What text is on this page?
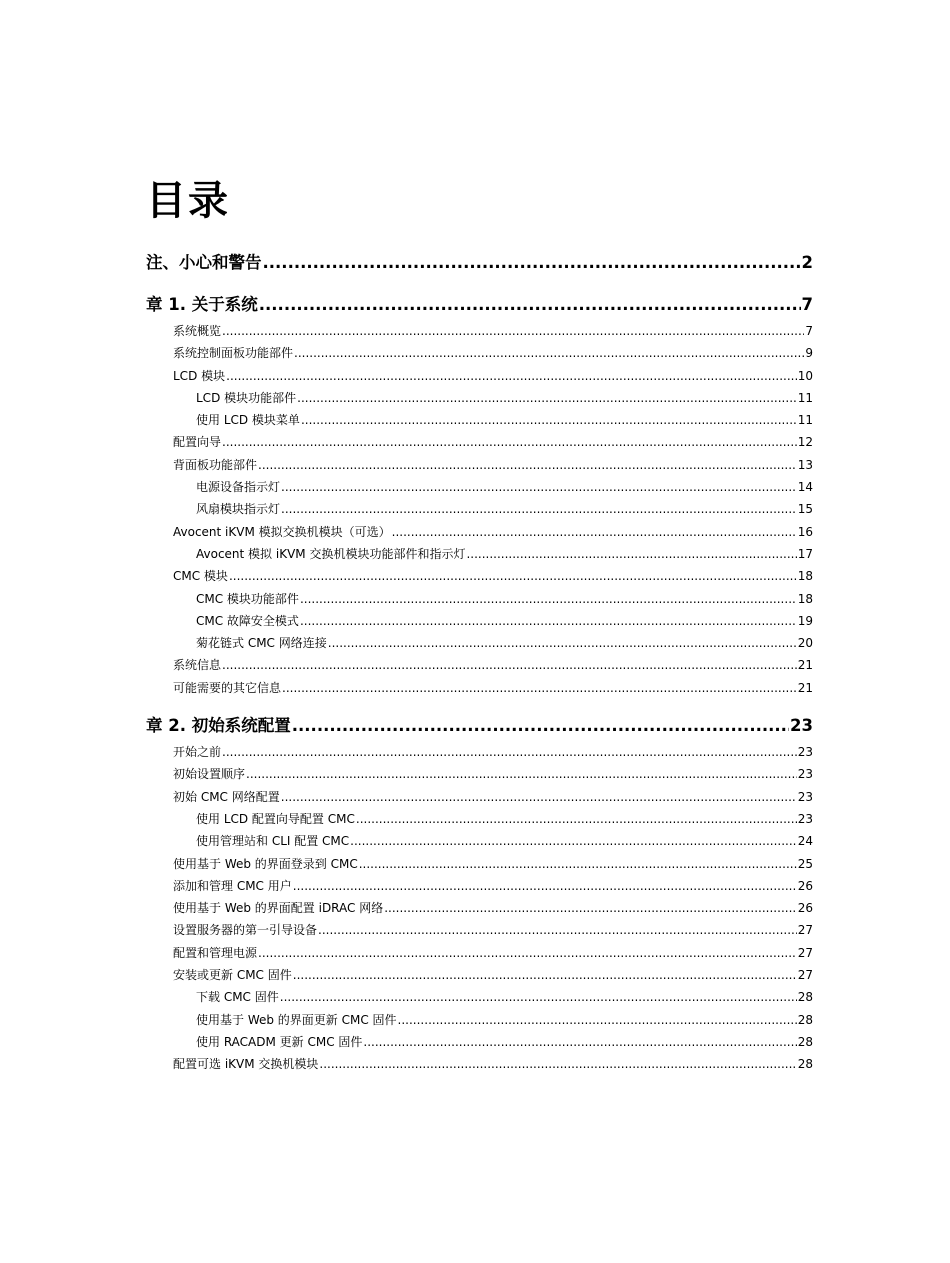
目录
注、小心和警告 .....	2
章 1. 关于系统 .....	7
系统概览 .....	7
系统控制面板功能部件 .....	9
LCD 模块 .....	10
LCD 模块功能部件 .....	11
使用 LCD 模块菜单 .....	11
配置向导 .....	12
背面板功能部件 .....	13
电源设备指示灯 .....	14
风扇模块指示灯 .....	15
Avocent iKVM 模拟交换机模块（可选） .....	16
Avocent 模拟 iKVM 交换机模块功能部件和指示灯 .....	17
CMC 模块 .....	18
CMC 模块功能部件 .....	18
CMC 故障安全模式 .....	19
菊花链式 CMC 网络连接 .....	20
系统信息 .....	21
可能需要的其它信息 .....	21
章 2. 初始系统配置 .....	23
开始之前 .....	23
初始设置顺序 .....	23
初始 CMC 网络配置 .....	23
使用 LCD 配置向导配置 CMC .....	23
使用管理站和 CLI 配置 CMC .....	24
使用基于 Web 的界面登录到 CMC .....	25
添加和管理 CMC 用户 .....	26
使用基于 Web 的界面配置 iDRAC 网络 .....	26
设置服务器的第一引导设备 .....	27
配置和管理电源 .....	27
安装或更新 CMC 固件 .....	27
下载 CMC 固件 .....	28
使用基于 Web 的界面更新 CMC 固件 .....	28
使用 RACADM 更新 CMC 固件 .....	28
配置可选 iKVM 交换机模块 .....	28
